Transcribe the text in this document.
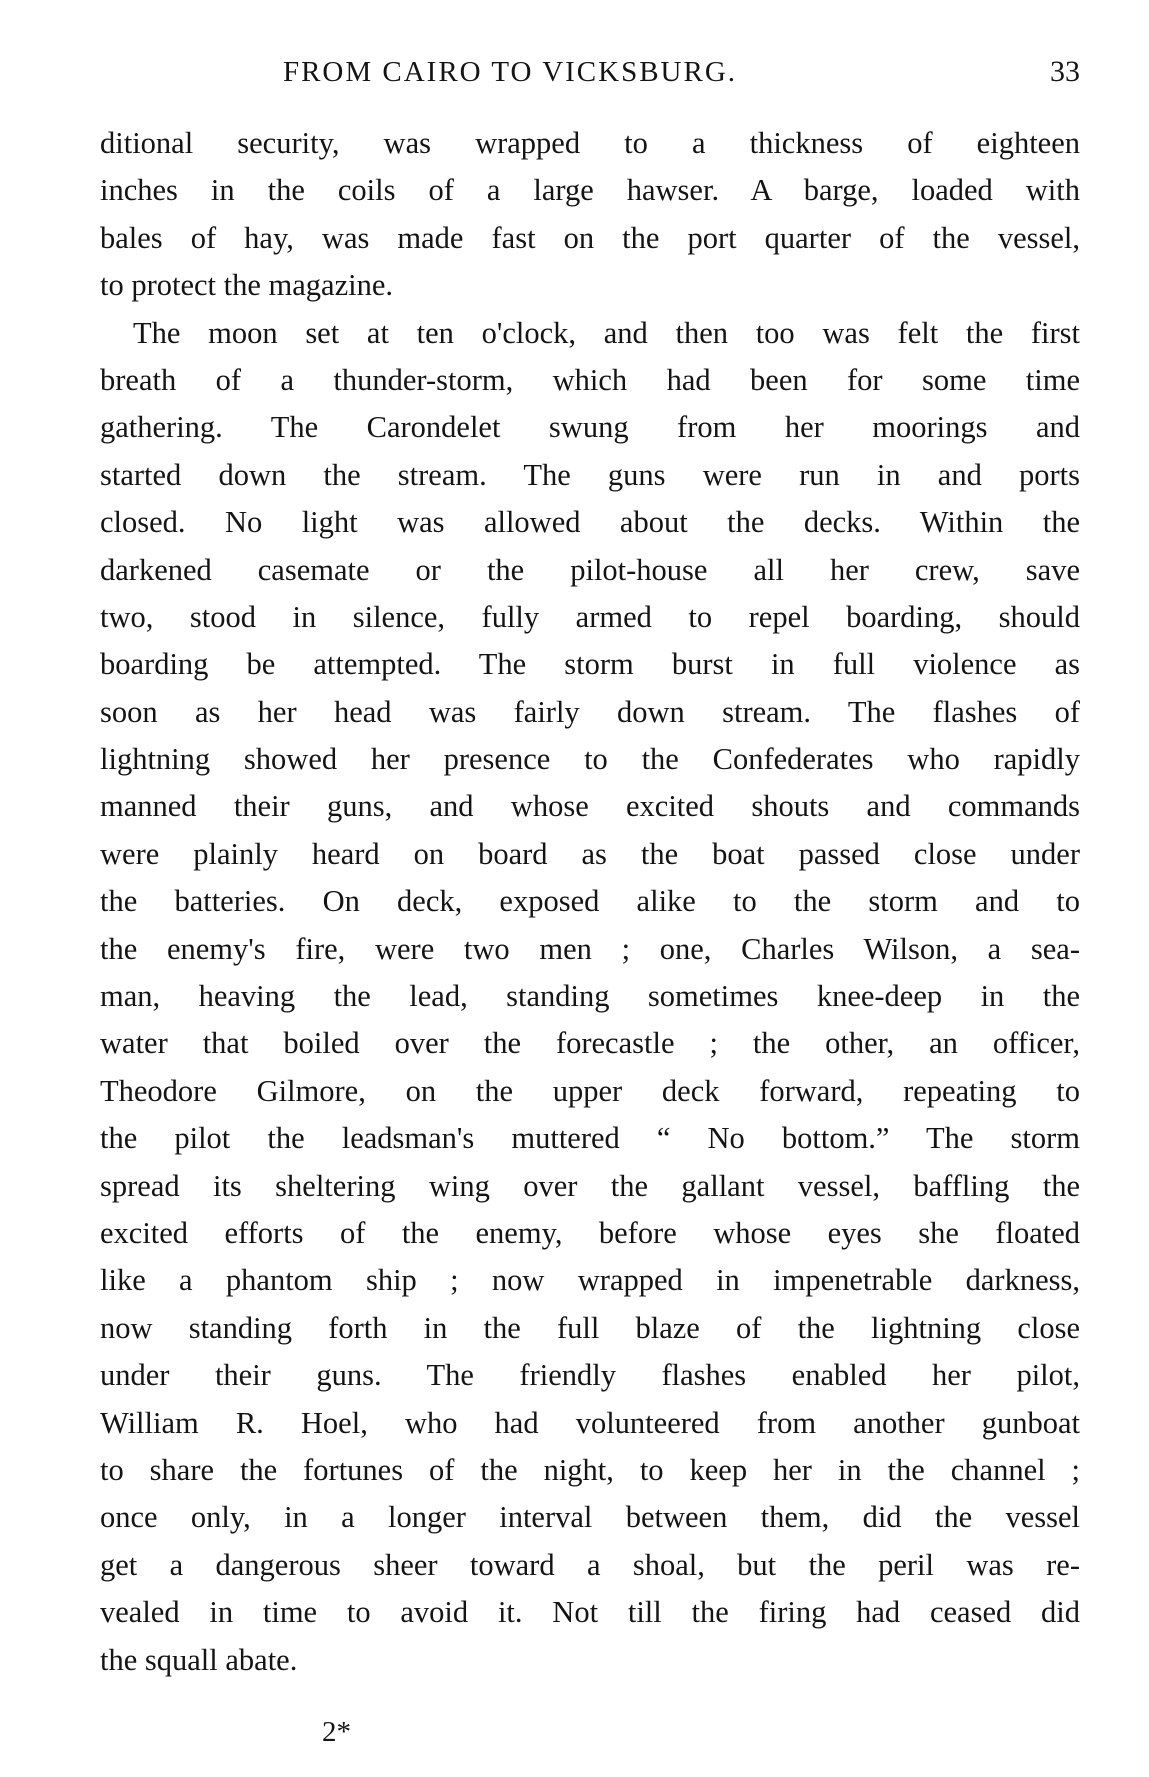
FROM CAIRO TO VICKSBURG.	33
ditional security, was wrapped to a thickness of eighteen
inches in the coils of a large hawser. A barge, loaded with
bales of hay, was made fast on the port quarter of the vessel,
to protect the magazine.
The moon set at ten o'clock, and then too was felt the first
breath of a thunder-storm, which had been for some time
gathering. The Carondelet swung from her moorings and
started down the stream. The guns were run in and ports
closed. No light was allowed about the decks. Within the
darkened casemate or the pilot-house all her crew, save
two, stood in silence, fully armed to repel boarding, should
boarding be attempted. The storm burst in full violence as
soon as her head was fairly down stream. The flashes of
lightning showed her presence to the Confederates who rapidly
manned their guns, and whose excited shouts and commands
were plainly heard on board as the boat passed close under
the batteries. On deck, exposed alike to the storm and to
the enemy's fire, were two men ; one, Charles Wilson, a sea-
man, heaving the lead, standing sometimes knee-deep in the
water that boiled over the forecastle ; the other, an officer,
Theodore Gilmore, on the upper deck forward, repeating to
the pilot the leadsman's muttered “ No bottom.” The storm
spread its sheltering wing over the gallant vessel, baffling the
excited efforts of the enemy, before whose eyes she floated
like a phantom ship ; now wrapped in impenetrable darkness,
now standing forth in the full blaze of the lightning close
under their guns. The friendly flashes enabled her pilot,
William R. Hoel, who had volunteered from another gunboat
to share the fortunes of the night, to keep her in the channel ;
once only, in a longer interval between them, did the vessel
get a dangerous sheer toward a shoal, but the peril was re-
vealed in time to avoid it. Not till the firing had ceased did
the squall abate.
2*
